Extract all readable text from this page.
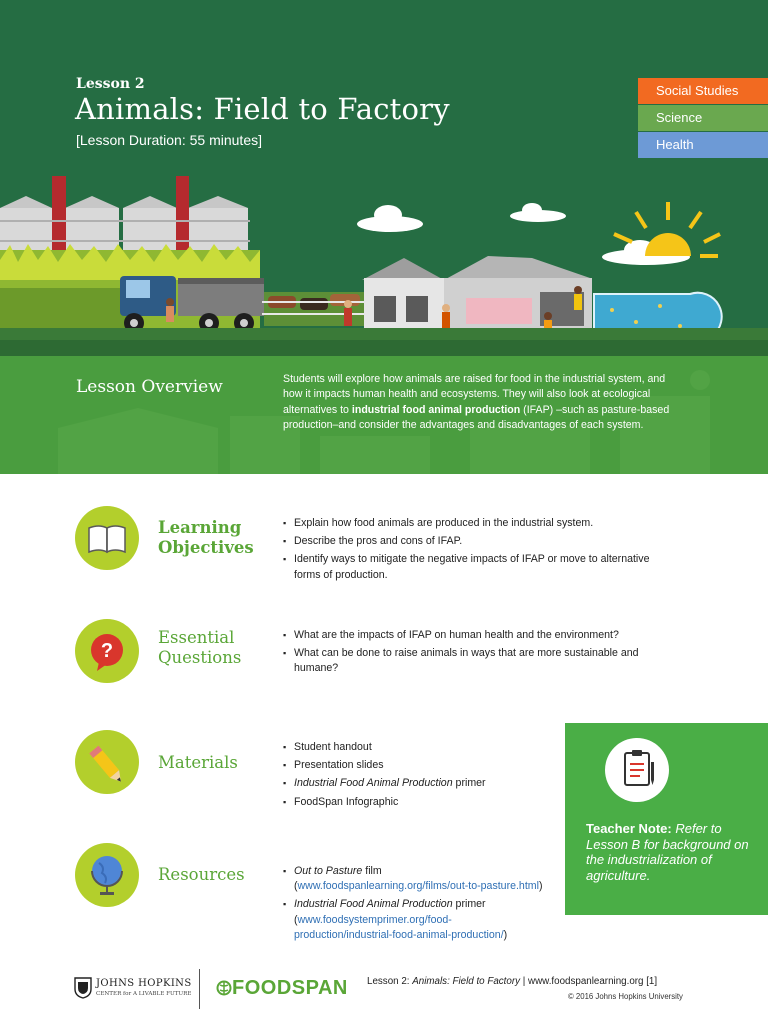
Lesson 2
Animals: Field to Factory
[Lesson Duration: 55 minutes]
Social Studies
Science
Health
Lesson Overview	Students will explore how animals are raised for food in the industrial system, and how it impacts human health and ecosystems. They will also look at ecological alternatives to industrial food animal production (IFAP) –such as pasture-based production–and consider the advantages and disadvantages of each system.
Learning
Objectives
▪ Explain how food animals are produced in the industrial system.
▪ Describe the pros and cons of IFAP.
▪ Identify ways to mitigate the negative impacts of IFAP or move to alternative forms of production.
?
Essential
Questions
▪ What are the impacts of IFAP on human health and the environment?
▪ What can be done to raise animals in ways that are more sustainable and humane?
Materials
▪ Student handout
▪ Presentation slides
▪ Industrial Food Animal Production primer
▪ FoodSpan Infographic
Resources
▪	Out to Pasture film (www.foodspanlearning.org/films/out-to-pasture.html)
▪ Industrial Food Animal Production primer (www.foodsystemprimer.org/food-production/industrial-food-animal-production/)
Teacher Note: Refer to Lesson B for background on the industrialization of agriculture.
JOHNS HOPKINS
CENTER for A LIVABLE FUTURE FOODSPAN Lesson 2: Animals: Field to Factory | www.foodspanlearning.org [1]
© 2016 Johns Hopkins University
